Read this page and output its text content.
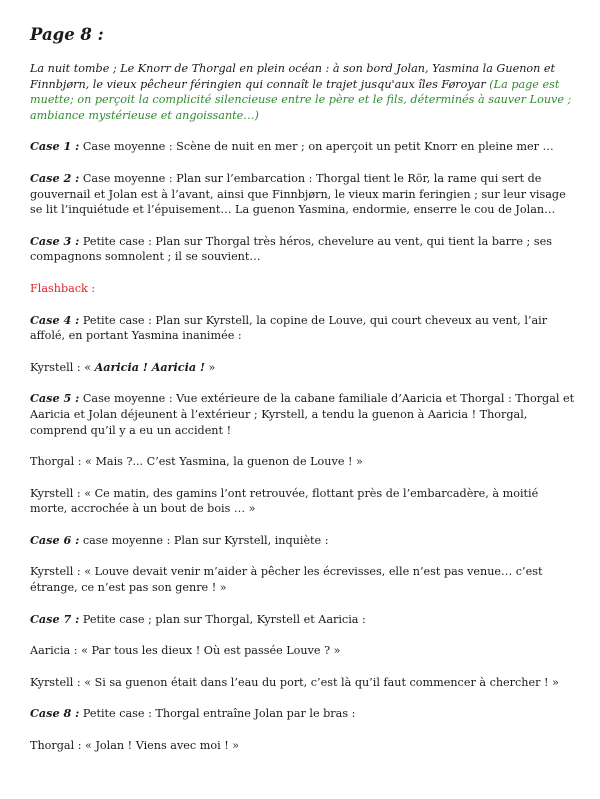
Page 8 :
La nuit tombe ; Le Knorr de Thorgal en plein océan : à son bord Jolan, Yasmina la Guenon et Finnbjørn, le vieux pêcheur féringien qui connaît le trajet jusqu'aux îles Føroyar (La page est muette; on perçoit la complicité silencieuse entre le père et le fils, déterminés à sauver Louve ; ambiance mystérieuse et angoissante…)
Case 1 : Case moyenne : Scène de nuit en mer ; on aperçoit un petit Knorr en pleine mer …
Case 2 : Case moyenne : Plan sur l’embarcation : Thorgal tient le Rör, la rame qui sert de gouvernail et Jolan est à l’avant, ainsi que Finnbjørn, le vieux marin feringien ; sur leur visage se lit l’inquiétude et l’épuisement… La guenon Yasmina, endormie, enserre le cou de Jolan…
Case 3 : Petite case : Plan sur Thorgal très héros, chevelure au vent, qui tient la barre ; ses compagnons somnolent ; il se souvient…
Flashback :
Case 4 : Petite case : Plan sur Kyrstell, la copine de Louve, qui court cheveux au vent, l’air affolé, en portant Yasmina inanimée :
Kyrstell : « Aaricia ! Aaricia ! »
Case 5 : Case moyenne : Vue extérieure de la cabane familiale d’Aaricia et Thorgal : Thorgal et Aaricia et Jolan déjeunent à l’extérieur ; Kyrstell, a tendu la guenon à Aaricia ! Thorgal, comprend qu’il y a eu un accident !
Thorgal : « Mais ?... C’est Yasmina, la guenon de Louve ! »
Kyrstell : « Ce matin, des gamins l’ont retrouvée, flottant près de l’embarcadère, à moitié morte, accrochée à un bout de bois … »
Case 6 : case moyenne : Plan sur Kyrstell, inquiète :
Kyrstell : « Louve devait venir m’aider à pêcher les écrevisses, elle n’est pas venue… c’est étrange, ce n’est pas son genre ! »
Case 7 : Petite case ; plan sur Thorgal, Kyrstell et Aaricia :
Aaricia : « Par tous les dieux ! Où est passée Louve ? »
Kyrstell : « Si sa guenon était dans l’eau du port, c’est là qu’il faut commencer à chercher ! »
Case 8 : Petite case : Thorgal entraîne Jolan par le bras :
Thorgal : « Jolan ! Viens avec moi ! »
